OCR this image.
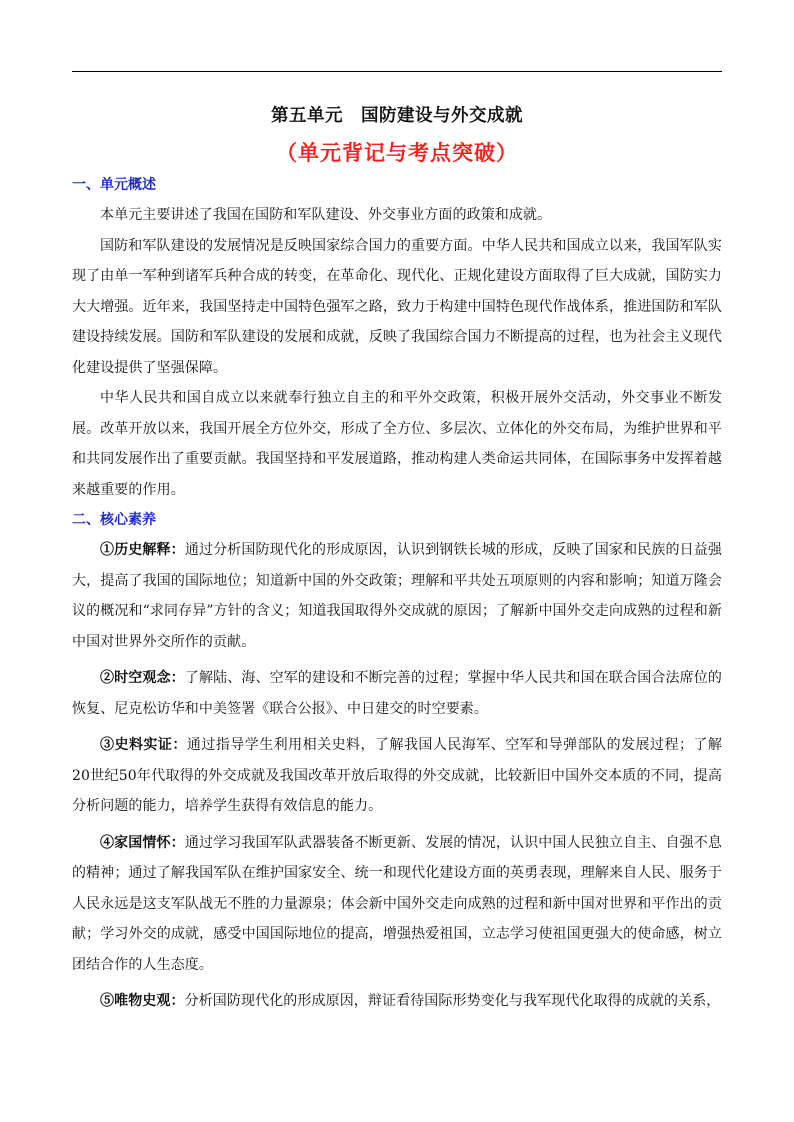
第五单元　国防建设与外交成就
（单元背记与考点突破）
一、单元概述

本单元主要讲述了我国在国防和军队建设、外交事业方面的政策和成就。

国防和军队建设的发展情况是反映国家综合国力的重要方面。中华人民共和国成立以来，我国军队实现了由单一军种到诸军兵种合成的转变，在革命化、现代化、正规化建设方面取得了巨大成就，国防实力大大增强。近年来，我国坚持走中国特色强军之路，致力于构建中国特色现代作战体系，推进国防和军队建设持续发展。国防和军队建设的发展和成就，反映了我国综合国力不断提高的过程，也为社会主义现代化建设提供了坚强保障。

中华人民共和国自成立以来就奉行独立自主的和平外交政策，积极开展外交活动，外交事业不断发展。改革开放以来，我国开展全方位外交，形成了全方位、多层次、立体化的外交布局，为维护世界和平和共同发展作出了重要贡献。我国坚持和平发展道路，推动构建人类命运共同体，在国际事务中发挥着越来越重要的作用。

二、核心素养

①历史解释：通过分析国防现代化的形成原因，认识到钢铁长城的形成，反映了国家和民族的日益强大，提高了我国的国际地位；知道新中国的外交政策；理解和平共处五项原则的内容和影响；知道万隆会议的概况和“求同存异”方针的含义；知道我国取得外交成就的原因；了解新中国外交走向成熟的过程和新中国对世界外交所作的贡献。

②时空观念：了解陆、海、空军的建设和不断完善的过程；掌握中华人民共和国在联合国合法席位的恢复、尼克松访华和中美签署《联合公报》、中日建交的时空要素。

③史料实证：通过指导学生利用相关史料，了解我国人民海军、空军和导弹部队的发展过程；了解20世纪50年代取得的外交成就及我国改革开放后取得的外交成就，比较新旧中国外交本质的不同，提高分析问题的能力，培养学生获得有效信息的能力。

④家国情怀：通过学习我国军队武器装备不断更新、发展的情况，认识中国人民独立自主、自强不息的精神；通过了解我国军队在维护国家安全、统一和现代化建设方面的英勇表现，理解来自人民、服务于人民永远是这支军队战无不胜的力量源泉；体会新中国外交走向成熟的过程和新中国对世界和平作出的贡献；学习外交的成就，感受中国国际地位的提高，增强热爱祖国，立志学习使祖国更强大的使命感，树立团结合作的人生态度。

⑤唯物史观：分析国防现代化的形成原因，辩证看待国际形势变化与我军现代化取得的成就的关系，
